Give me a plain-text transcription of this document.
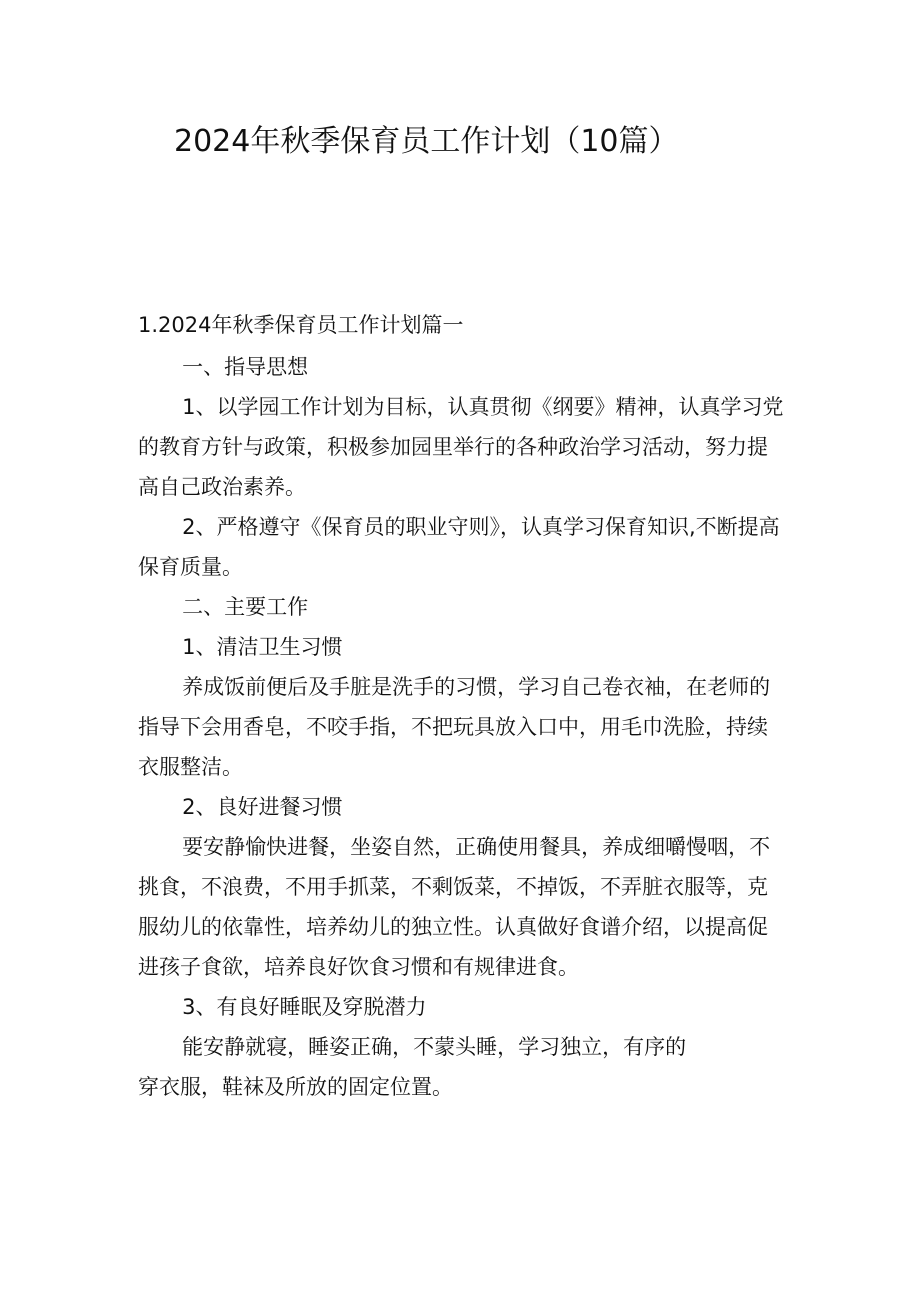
2024年秋季保育员工作计划（10篇）

1.2024年秋季保育员工作计划篇一

一、指导思想

1、以学园工作计划为目标，认真贯彻《纲要》精神，认真学习党的教育方针与政策，积极参加园里举行的各种政治学习活动，努力提高自己政治素养。

2、严格遵守《保育员的职业守则》，认真学习保育知识,不断提高保育质量。

二、主要工作

1、清洁卫生习惯

养成饭前便后及手脏是洗手的习惯，学习自己卷衣袖，在老师的指导下会用香皂，不咬手指，不把玩具放入口中，用毛巾洗脸，持续衣服整洁。

2、良好进餐习惯

要安静愉快进餐，坐姿自然，正确使用餐具，养成细嚼慢咽，不挑食，不浪费，不用手抓菜，不剩饭菜，不掉饭，不弄脏衣服等，克服幼儿的依靠性，培养幼儿的独立性。认真做好食谱介绍，以提高促进孩子食欲，培养良好饮食习惯和有规律进食。

3、有良好睡眠及穿脱潜力

能安静就寝，睡姿正确，不蒙头睡，学习独立，有序的

穿衣服，鞋袜及所放的固定位置。
